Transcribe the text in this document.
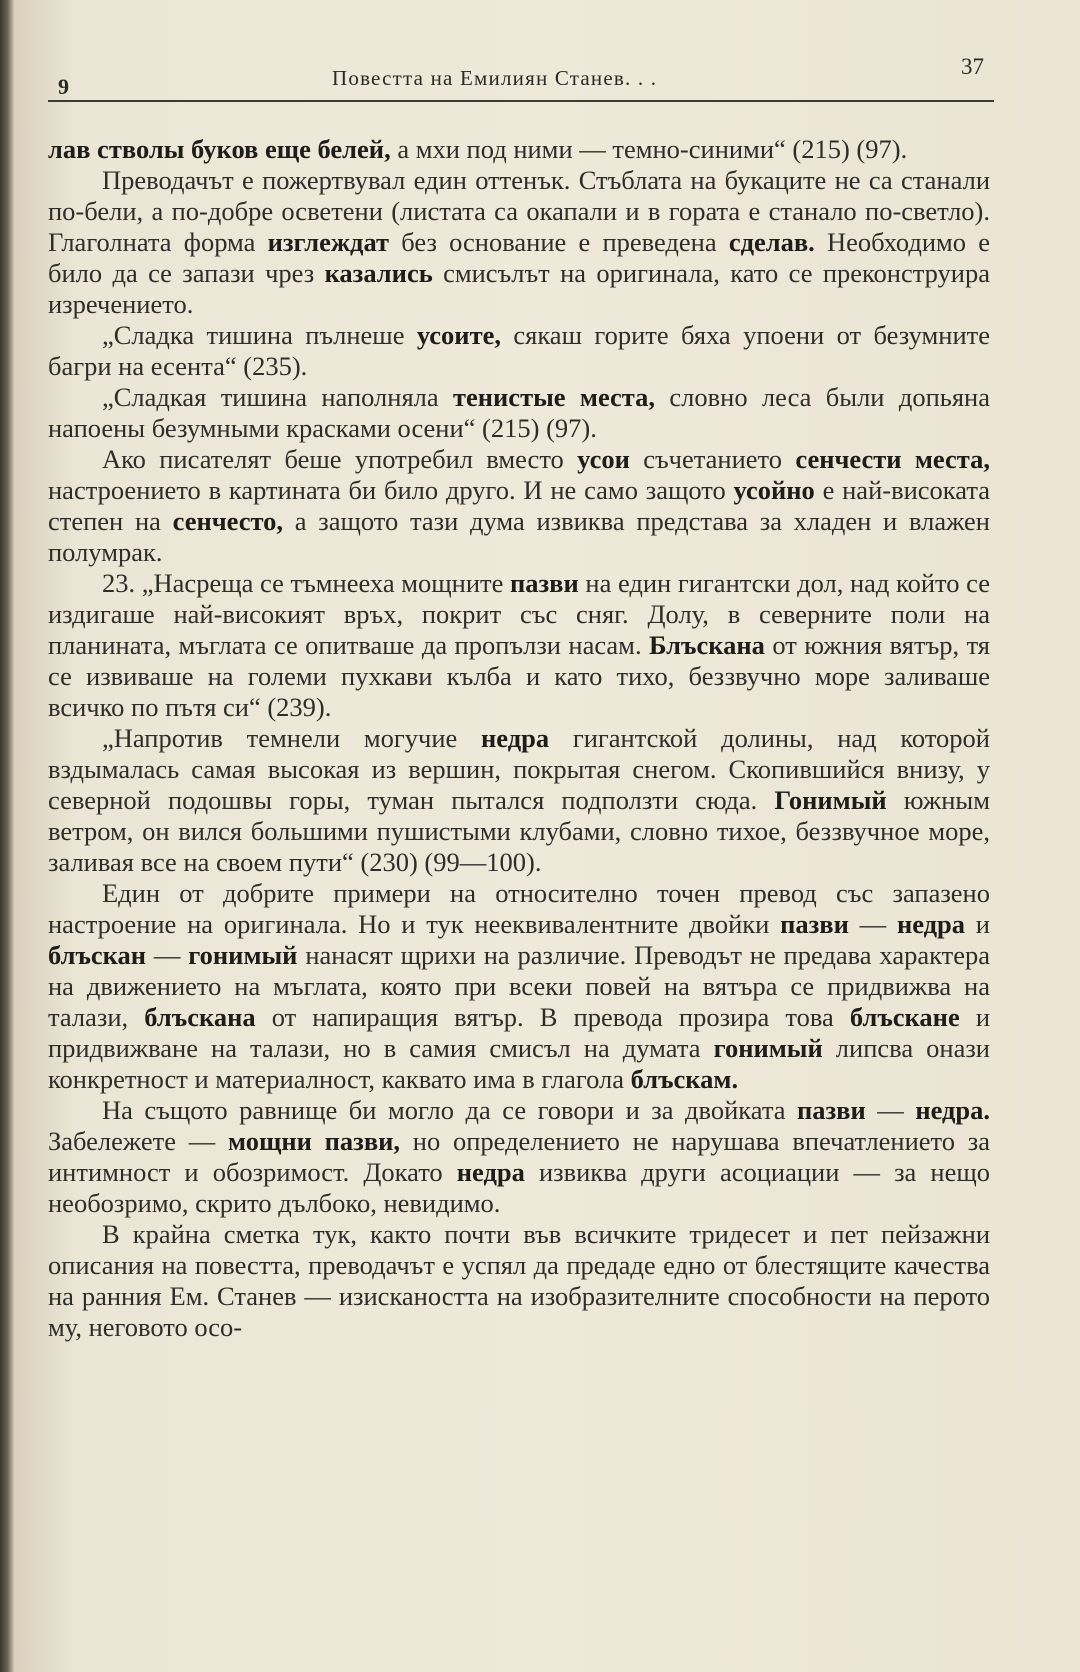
9	Повестта на Емилиян Станев. . .	37

лав стволы буков еще белей, а мхи под ними — темно-синими“ (215) (97).

Преводачът е пожертвувал един оттенък. Стъблата на букаците не са станали по-бели, а по-добре осветени (листата са окапали и в гората е станало по-светло). Глаголната форма изглеждат без основание е преведена сделав. Необходимо е било да се запази чрез казались смисълът на оригинала, като се преконструира изречението.

„Сладка тишина пълнеше усоите, сякаш горите бяха упоени от безумните багри на есента“ (235).

„Сладкая тишина наполняла тенистые места, словно леса были допьяна напоены безумными красками осени“ (215) (97).

Ако писателят беше употребил вместо усои съчетанието сенчести места, настроението в картината би било друго. И не само защото усойно е най-високата степен на сенчесто, а защото тази дума извиква представа за хладен и влажен полумрак.

23. „Насреща се тъмнееха мощните пазви на един гигантски дол, над който се издигаше най-високият връх, покрит със сняг. Долу, в северните поли на планината, мъглата се опитваше да пропълзи насам. Блъскана от южния вятър, тя се извиваше на големи пухкави кълба и като тихо, беззвучно море заливаше всичко по пътя си“ (239).

„Напротив темнели могучие недра гигантской долины, над которой вздымалась самая высокая из вершин, покрытая снегом. Скопившийся внизу, у северной подошвы горы, туман пытался подползти сюда. Гонимый южным ветром, он вился большими пушистыми клубами, словно тихое, беззвучное море, заливая все на своем пути“ (230) (99—100).

Един от добрите примери на относително точен превод със запазено настроение на оригинала. Но и тук нееквивалентните двойки пазви — недра и блъскан — гонимый нанасят щрихи на различие. Преводът не предава характера на движението на мъглата, която при всеки повей на вятъра се придвижва на талази, блъскана от напиращия вятър. В превода прозира това блъскане и придвижване на талази, но в самия смисъл на думата гонимый липсва онази конкретност и материалност, каквато има в глагола блъскам.

На същото равнище би могло да се говори и за двойката пазви — недра. Забележете — мощни пазви, но определението не нарушава впечатлението за интимност и обозримост. Докато недра извиква други асоциации — за нещо необозримо, скрито дълбоко, невидимо.

В крайна сметка тук, както почти във всичките тридесет и пет пейзажни описания на повестта, преводачът е успял да предаде едно от блестящите качества на ранния Ем. Станев — изискаността на изобразителните способности на перото му, неговото осо-
